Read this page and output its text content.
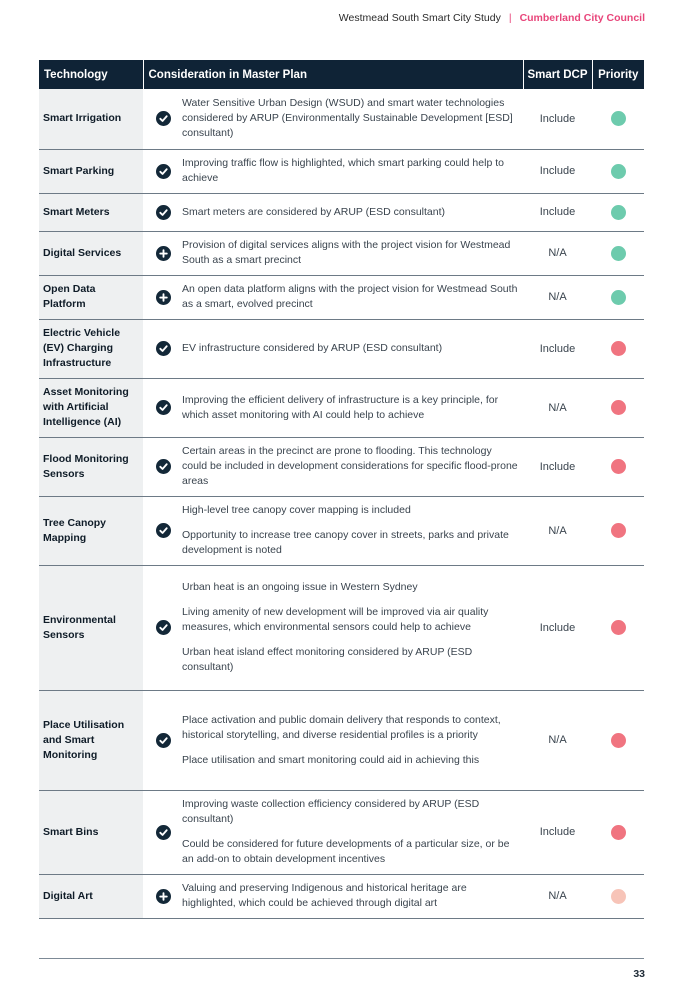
Westmead South Smart City Study | Cumberland City Council
Technology	Consideration in Master Plan	Smart DCP	Priority
Smart Irrigation	Water Sensitive Urban Design (WSUD) and smart water technologies considered by ARUP (Environmentally Sustainable Development [ESD] consultant)	Include	
Smart Parking	Improving traffic flow is highlighted, which smart parking could help to achieve	Include	
Smart Meters	Smart meters are considered by ARUP (ESD consultant)	Include	
Digital Services	Provision of digital services aligns with the project vision for Westmead South as a smart precinct	N/A	
Open Data Platform	An open data platform aligns with the project vision for Westmead South as a smart, evolved precinct	N/A	
Electric Vehicle (EV) Charging Infrastructure	EV infrastructure considered by ARUP (ESD consultant)	Include	
Asset Monitoring with Artificial Intelligence (AI)	Improving the efficient delivery of infrastructure is a key principle, for which asset monitoring with AI could help to achieve	N/A	
Flood Monitoring Sensors	Certain areas in the precinct are prone to flooding. This technology could be included in development considerations for specific flood-prone areas	Include	
Tree Canopy Mapping	High-level tree canopy cover mapping is included

Opportunity to increase tree canopy cover in streets, parks and private development is noted	N/A	
Environmental Sensors	Urban heat is an ongoing issue in Western Sydney

Living amenity of new development will be improved via air quality measures, which environmental sensors could help to achieve

Urban heat island effect monitoring considered by ARUP (ESD consultant)	Include	
Place Utilisation and Smart Monitoring	Place activation and public domain delivery that responds to context, historical storytelling, and diverse residential profiles is a priority

Place utilisation and smart monitoring could aid in achieving this	N/A	
Smart Bins	Improving waste collection efficiency considered by ARUP (ESD consultant)

Could be considered for future developments of a particular size, or be an add-on to obtain development incentives	Include	
Digital Art	Valuing and preserving Indigenous and historical heritage are highlighted, which could be achieved through digital art	N/A	
33
